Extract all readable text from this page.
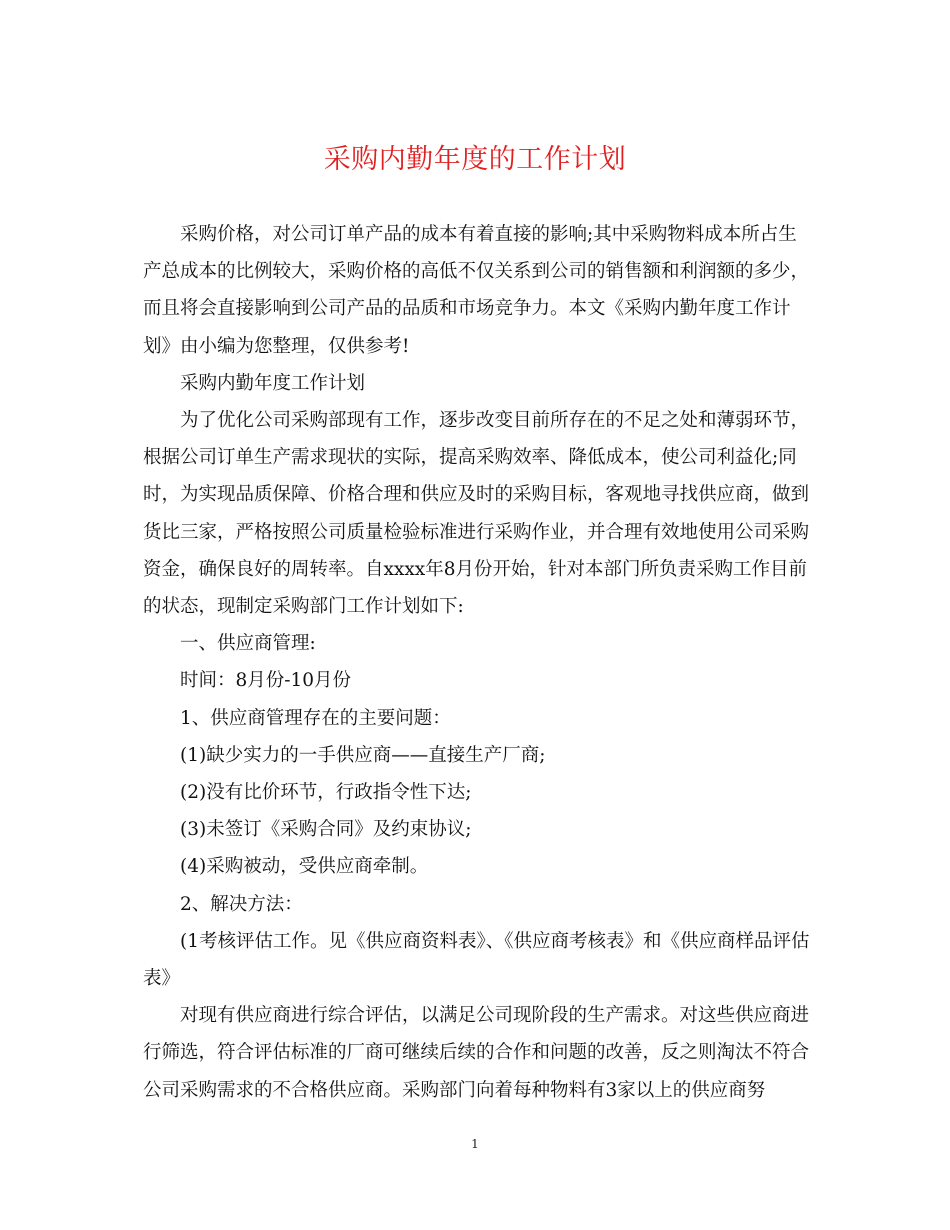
采购内勤年度的工作计划

采购价格，对公司订单产品的成本有着直接的影响;其中采购物料成本所占生产总成本的比例较大，采购价格的高低不仅关系到公司的销售额和利润额的多少，而且将会直接影响到公司产品的品质和市场竞争力。本文《采购内勤年度工作计划》由小编为您整理，仅供参考!

采购内勤年度工作计划

为了优化公司采购部现有工作，逐步改变目前所存在的不足之处和薄弱环节，根据公司订单生产需求现状的实际，提高采购效率、降低成本，使公司利益化;同时，为实现品质保障、价格合理和供应及时的采购目标，客观地寻找供应商，做到货比三家，严格按照公司质量检验标准进行采购作业，并合理有效地使用公司采购资金，确保良好的周转率。自xxxx年8月份开始，针对本部门所负责采购工作目前的状态，现制定采购部门工作计划如下:

一、供应商管理:

时间：8月份-10月份

1、供应商管理存在的主要问题：

(1)缺少实力的一手供应商——直接生产厂商;

(2)没有比价环节，行政指令性下达;

(3)未签订《采购合同》及约束协议;

(4)采购被动，受供应商牵制。

2、解决方法：

(1考核评估工作。见《供应商资料表》、《供应商考核表》和《供应商样品评估表》

对现有供应商进行综合评估，以满足公司现阶段的生产需求。对这些供应商进行筛选，符合评估标准的厂商可继续后续的合作和问题的改善，反之则淘汰不符合公司采购需求的不合格供应商。采购部门向着每种物料有3家以上的供应商努

1
